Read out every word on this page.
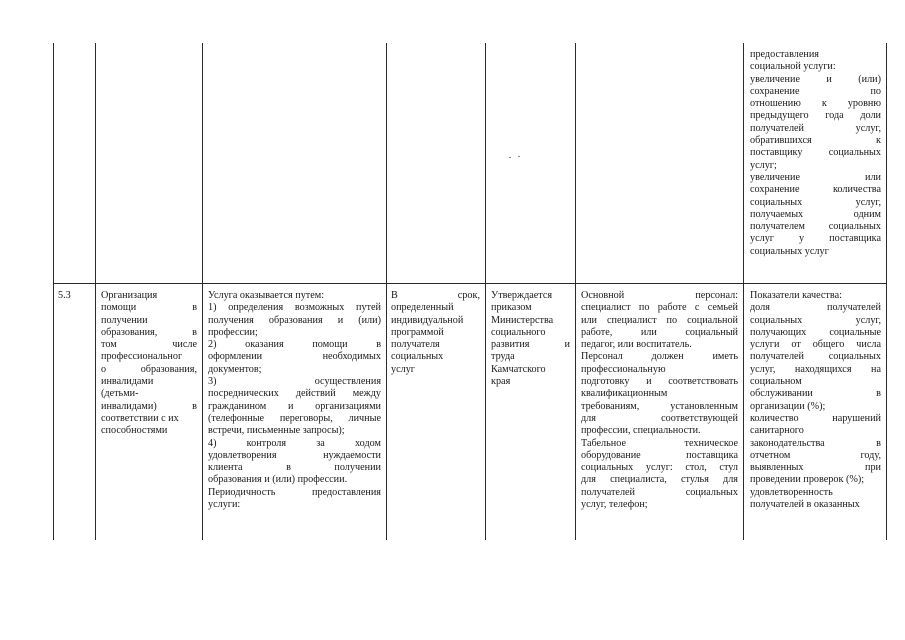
предоставления
социальной услуги:
увеличение и (или)
сохранение по
отношению к уровню
предыдущего года доли
получателей услуг,
обратившихся к
поставщику социальных
услуг;
увеличение или
сохранение количества
социальных услуг,
получаемых одним
получателем социальных
услуг у поставщика
социальных услуг
5.3	Организация
помощи в
получении
образования, в
том числе
профессиональног
о образования,
инвалидами
(детьми-
инвалидами) в
соответствии с их
способностями
Услуга оказывается путем:
1) определения возможных путей
получения образования и (или)
профессии;
2) оказания помощи в
оформлении необходимых
документов;
3) осуществления
посреднических действий между
гражданином и организациями
(телефонные переговоры, личные
встречи, письменные запросы);
4) контроля за ходом
удовлетворения нуждаемости
клиента в получении
образования и (или) профессии.
Периодичность предоставления
услуги:
В срок,
определенный
индивидуальной
программой
получателя
социальных
услуг
Утверждается
приказом
Министерства
социального
развития и
труда
Камчатского
края
Основной персонал:
специалист по работе с семьей
или специалист по социальной
работе, или социальный
педагог, или воспитатель.
Персонал должен иметь
профессиональную
подготовку и соответствовать
квалификационным
требованиям, установленным
для соответствующей
профессии, специальности.
Табельное техническое
оборудование поставщика
социальных услуг: стол, стул
для специалиста, стулья для
получателей социальных
услуг, телефон;
Показатели качества:
доля получателей
социальных услуг,
получающих социальные
услуги от общего числа
получателей социальных
услуг, находящихся на
социальном
обслуживании в
организации (%);
количество нарушений
санитарного
законодательства в
отчетном году,
выявленных при
проведении проверок (%);
удовлетворенность
получателей в оказанных
